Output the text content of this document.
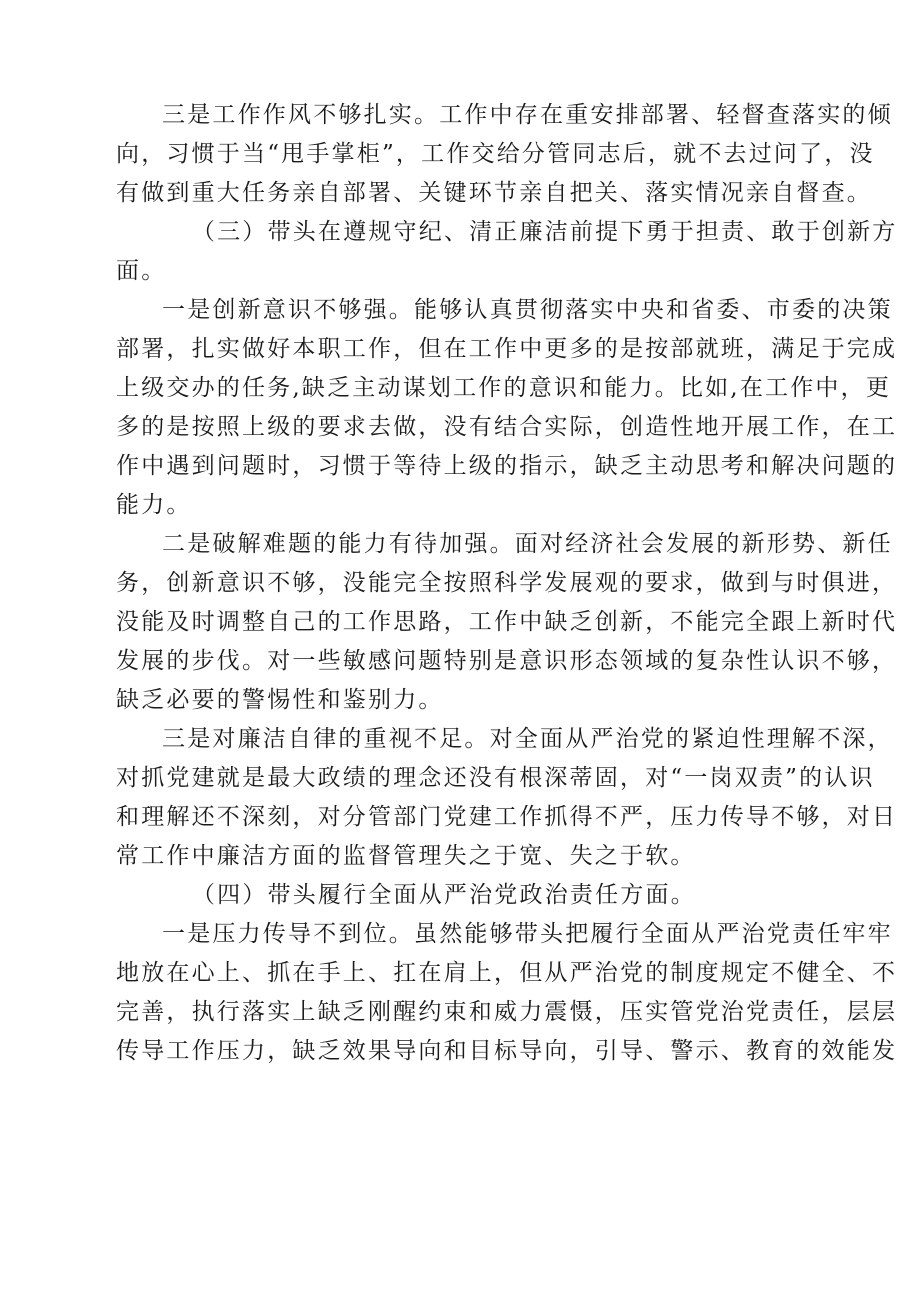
三是工作作风不够扎实。工作中存在重安排部署、轻督查落实的倾
向，习惯于当“甩手掌柜”，工作交给分管同志后，就不去过问了，没
有做到重大任务亲自部署、关键环节亲自把关、落实情况亲自督查。

（三）带头在遵规守纪、清正廉洁前提下勇于担责、敢于创新方
面。

一是创新意识不够强。能够认真贯彻落实中央和省委、市委的决策
部署，扎实做好本职工作，但在工作中更多的是按部就班，满足于完成
上级交办的任务,缺乏主动谋划工作的意识和能力。比如,在工作中，更
多的是按照上级的要求去做，没有结合实际，创造性地开展工作，在工
作中遇到问题时，习惯于等待上级的指示，缺乏主动思考和解决问题的
能力。

二是破解难题的能力有待加强。面对经济社会发展的新形势、新任
务，创新意识不够，没能完全按照科学发展观的要求，做到与时俱进，
没能及时调整自己的工作思路，工作中缺乏创新，不能完全跟上新时代
发展的步伐。对一些敏感问题特别是意识形态领域的复杂性认识不够，
缺乏必要的警惕性和鉴别力。

三是对廉洁自律的重视不足。对全面从严治党的紧迫性理解不深，
对抓党建就是最大政绩的理念还没有根深蒂固，对“一岗双责”的认识
和理解还不深刻，对分管部门党建工作抓得不严，压力传导不够，对日
常工作中廉洁方面的监督管理失之于宽、失之于软。

（四）带头履行全面从严治党政治责任方面。

一是压力传导不到位。虽然能够带头把履行全面从严治党责任牢牢
地放在心上、抓在手上、扛在肩上，但从严治党的制度规定不健全、不
完善，执行落实上缺乏刚醒约束和威力震慑，压实管党治党责任，层层
传导工作压力，缺乏效果导向和目标导向，引导、警示、教育的效能发
